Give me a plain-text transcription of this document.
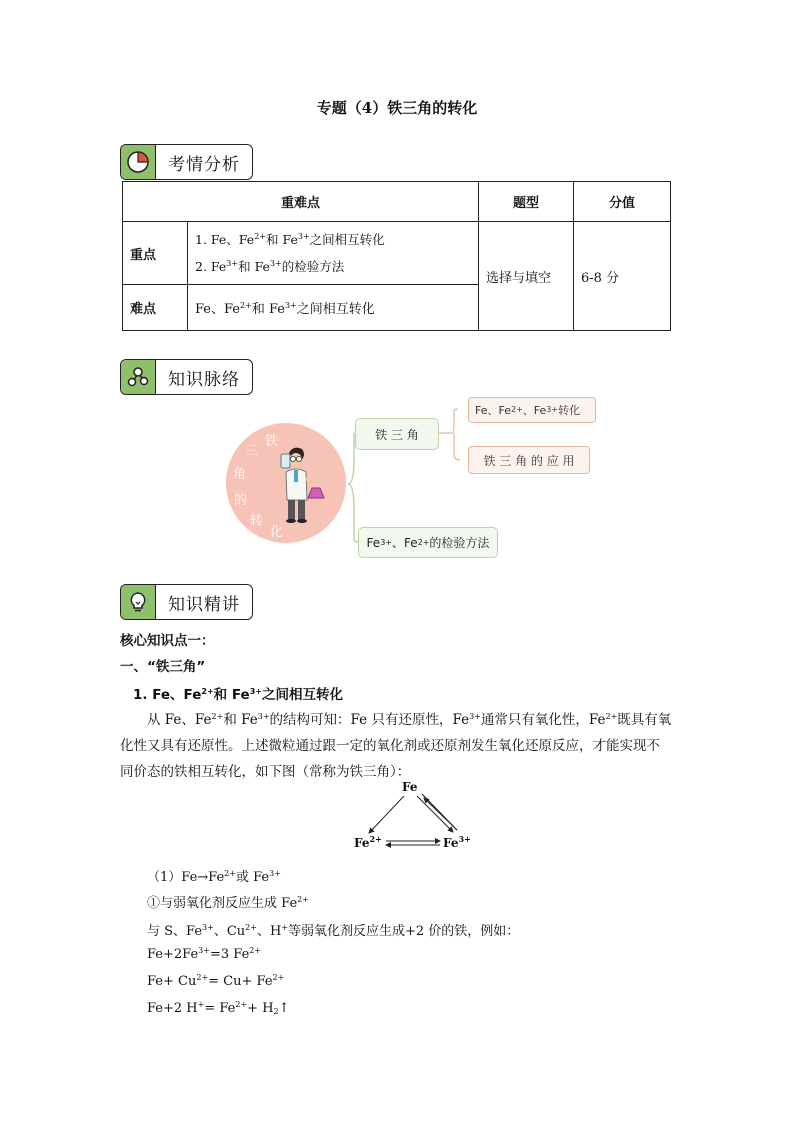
专题（4）铁三角的转化
考情分析
重难点		题型	分值
重点	1. Fe、$Fe^{2+}$和 $Fe^{3+}$之间相互转化
2. $Fe^{3+}$和 $Fe^{3+}$的检验方法	选择与填空	6-8 分
难点	Fe、$Fe^{2+}$和 $Fe^{3+}$之间相互转化		
知识脉络
铁
三
角
的
转
化
铁 三 角
Fe、Fe 2+ 、Fe 3+ 转化
铁 三 角 的 应 用
Fe 3+ 、Fe 2+ 的检验方法
知识精讲
核心知识点一：
一、“铁三角”
1. Fe、$Fe^{2+}$和 $Fe^{3+}$之间相互转化
从 Fe、$Fe^{2+}$和 $Fe^{3+}$的结构可知：Fe 只有还原性，$Fe^{3+}$通常只有氧化性，$Fe^{2+}$既具有氧化性又具有还原性。上述微粒通过跟一定的氧化剂或还原剂发生氧化还原反应，才能实现不同价态的铁相互转化，如下图（常称为铁三角）：
Fe
$Fe^{2+}$	$Fe^{3+}$
$(1)Fe\to Fe^{2+}$或 $Fe^{3+}$
①与弱氧化剂反应生成 $Fe^{2+}$
与 S、$Fe^{3+}$、$Cu^{2+}$、H+等弱氧化剂反应生成+2 价的铁，例如：
$Fe+2Fe^{3+}=3$ $Fe^{2+}$
$Fe+ Cu^{2+}= Cu+ Fe^{2+}$
Fe+2 $H^+= Fe^{2+}+$ $H_2↑$
